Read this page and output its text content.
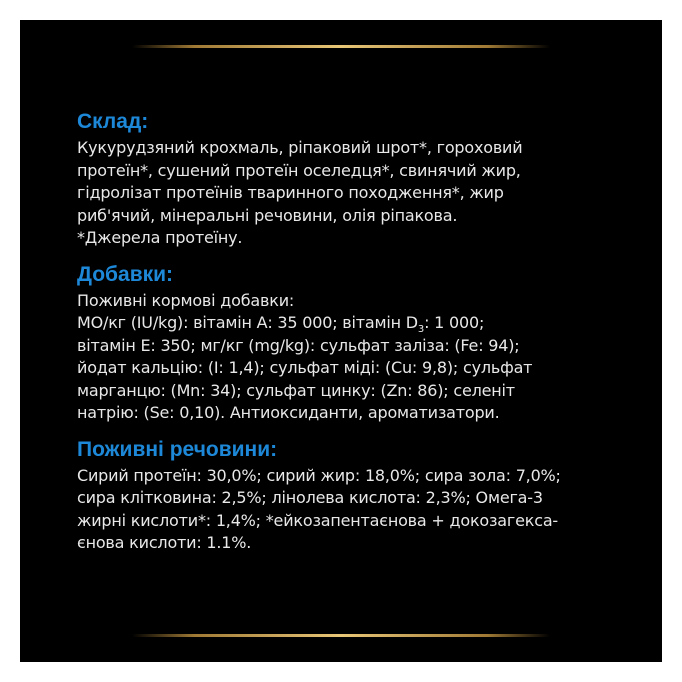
Склад:
Кукурудзяний крохмаль, ріпаковий шрот*, гороховий
протеїн*, сушений протеїн оселедця*, свинячий жир,
гідролізат протеїнів тваринного походження*, жир
риб'ячий, мінеральні речовини, олія ріпакова.
*Джерела протеїну.
Добавки:
Поживні кормові добавки:
МО/кг (IU/kg): вітамін А: 35 000; вітамін $D_3$: 1 000;
вітамін Е: 350; мг/кг (mg/kg): сульфат заліза: (Fe: 94);
йодат кальцію: (I: 1,4); сульфат міді: (Cu: 9,8); сульфат
марганцю: (Mn: 34); сульфат цинку: (Zn: 86); селеніт
натрію: (Se: 0,10). Антиоксиданти, ароматизатори.
Поживні речовини:
Сирий протеїн: 30,0%; сирий жир: 18,0%; сира зола: 7,0%;
сира клітковина: 2,5%; лінолева кислота: 2,3%; Омега-3
жирні кислоти*: 1,4%; *ейкозапентаєнова + докозагекса-
єнова кислоти: 1.1%.
